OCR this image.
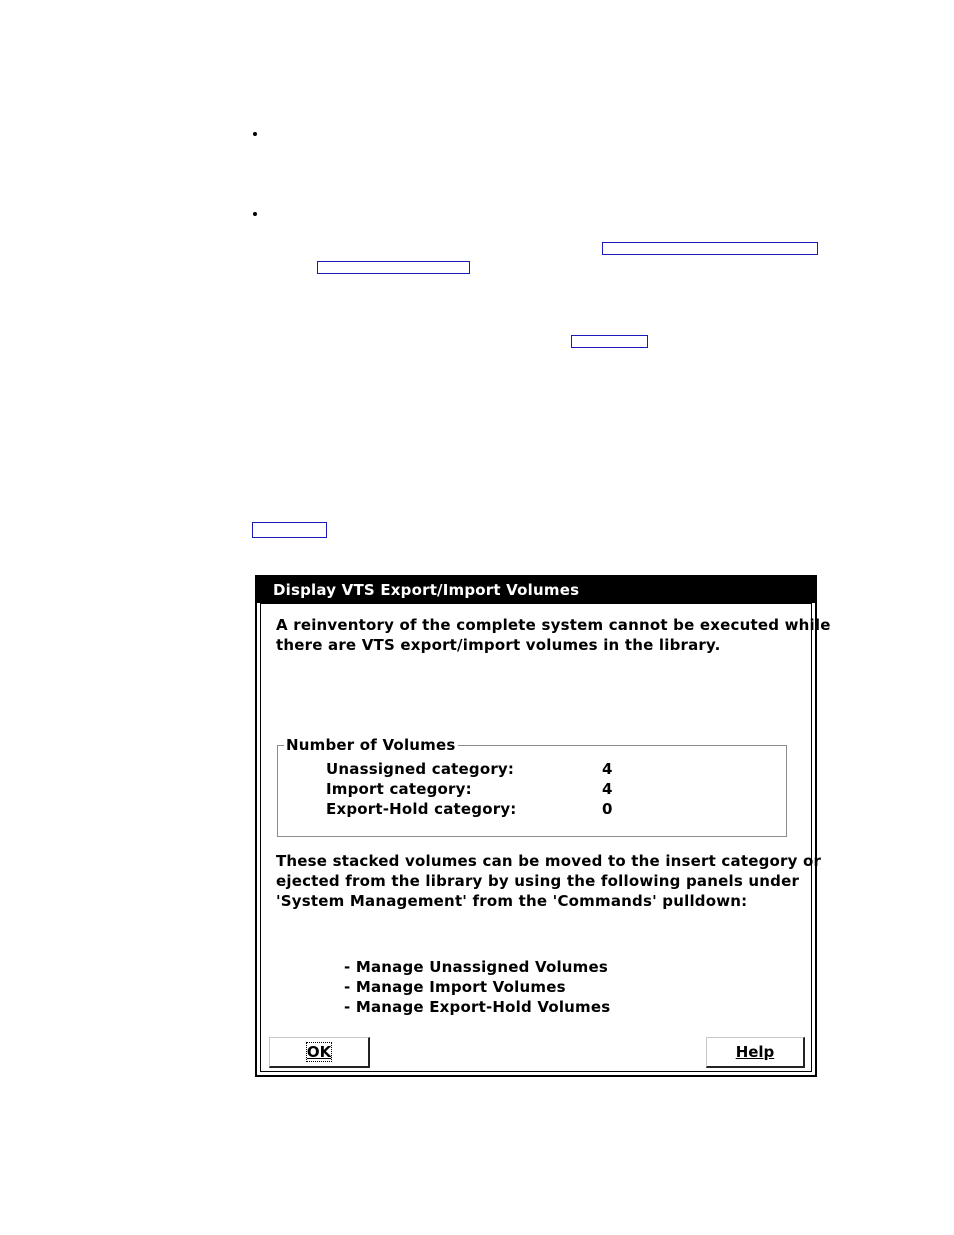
Display VTS Export/Import Volumes
A reinventory of the complete system cannot be executed while
there are VTS export/import volumes in the library.
Number of Volumes
Unassigned category:	4
Import category:	4
Export-Hold category:	0
These stacked volumes can be moved to the insert category or
ejected from the library by using the following panels under
'System Management' from the 'Commands' pulldown:
- Manage Unassigned Volumes
- Manage Import Volumes
- Manage Export-Hold Volumes
OK	Help
